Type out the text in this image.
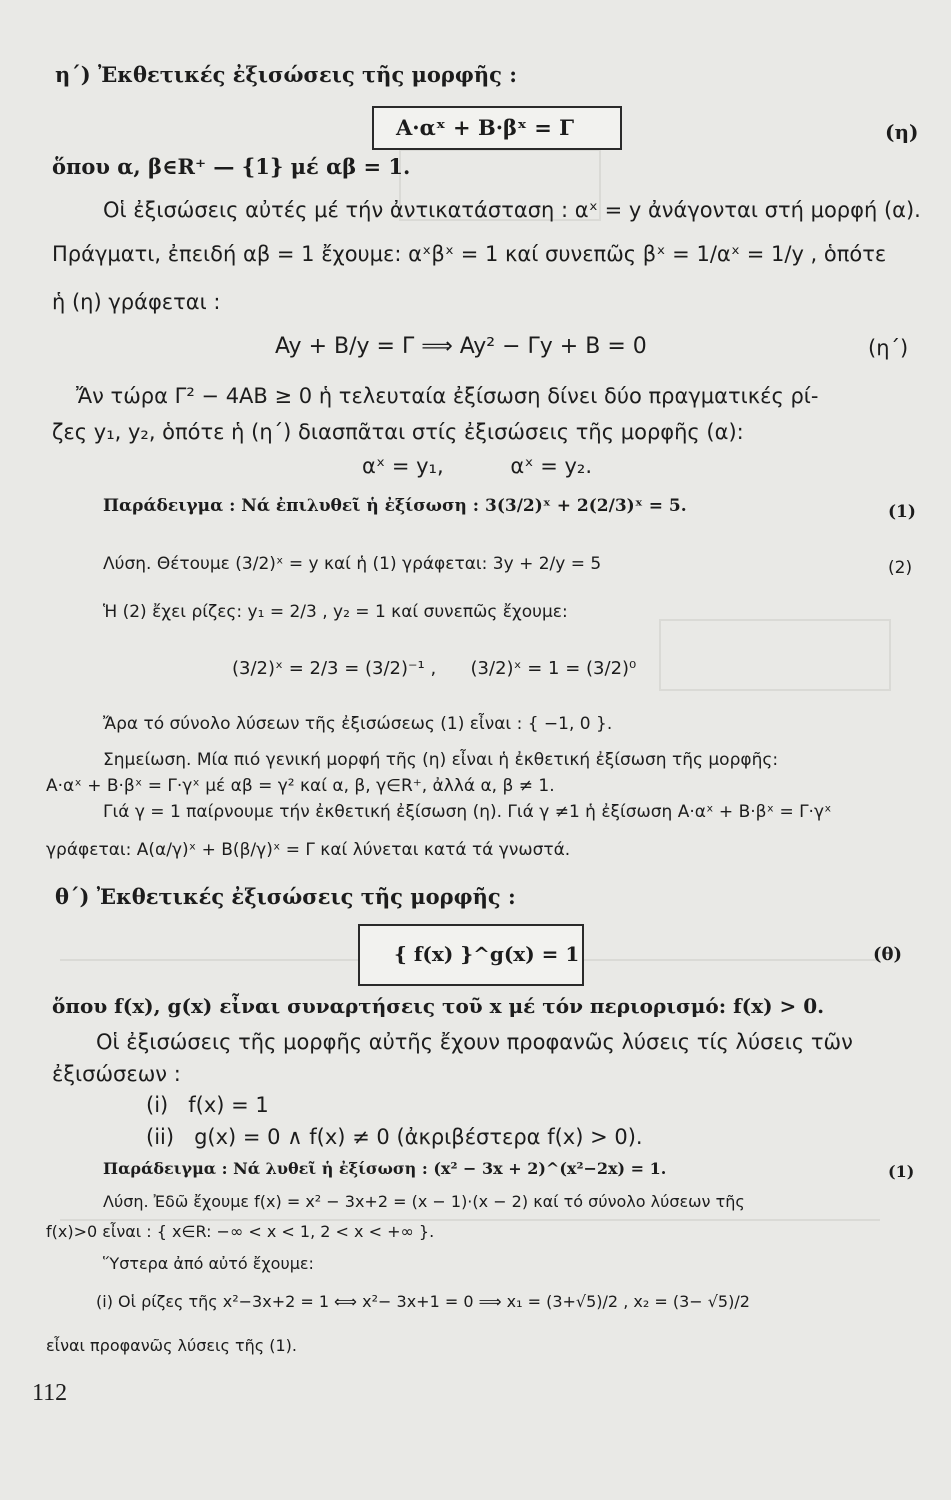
η΄) Ἐκθετικές ἐξισώσεις τῆς μορφῆς :
A·αˣ + B·βˣ = Γ	(η)
ὅπου α, β∈R⁺ — {1} μέ αβ = 1.
Οἱ ἐξισώσεις αὐτές μέ τήν ἀντικατάσταση : αˣ = y ἀνάγονται στή μορφή (α).
Πράγματι, ἐπειδή αβ = 1 ἔχουμε: αˣβˣ = 1 καί συνεπῶς βˣ = 1/αˣ = 1/y , ὁπότε
ἡ (η) γράφεται :
Ay + B/y = Γ ⟹ Ay² − Γy + B = 0	(η΄)
Ἄν τώρα Γ² − 4AB ≥ 0 ἡ τελευταία ἐξίσωση δίνει δύο πραγματικές ρί-
ζες y₁, y₂, ὁπότε ἡ (η΄) διασπᾶται στίς ἐξισώσεις τῆς μορφῆς (α):
αˣ = y₁,          αˣ = y₂.
Παράδειγμα : Νά ἐπιλυθεῖ ἡ ἐξίσωση : 3(3/2)ˣ + 2(2/3)ˣ = 5.	(1)
Λύση. Θέτουμε (3/2)ˣ = y καί ἡ (1) γράφεται: 3y + 2/y = 5	(2)
Ἡ (2) ἔχει ρίζες: y₁ = 2/3 , y₂ = 1 καί συνεπῶς ἔχουμε:
(3/2)ˣ = 2/3 = (3/2)⁻¹ ,      (3/2)ˣ = 1 = (3/2)⁰
Ἄρα τό σύνολο λύσεων τῆς ἐξισώσεως (1) εἶναι : { −1, 0 }.
Σημείωση. Μία πιό γενική μορφή τῆς (η) εἶναι ἡ ἐκθετική ἐξίσωση τῆς μορφῆς:
A·αˣ + B·βˣ = Γ·γˣ μέ αβ = γ² καί α, β, γ∈R⁺, ἀλλά α, β ≠ 1.
Γιά γ = 1 παίρνουμε τήν ἐκθετική ἐξίσωση (η). Γιά γ ≠1 ἡ ἐξίσωση A·αˣ + B·βˣ = Γ·γˣ
γράφεται: A(α/γ)ˣ + B(β/γ)ˣ = Γ καί λύνεται κατά τά γνωστά.
θ΄) Ἐκθετικές ἐξισώσεις τῆς μορφῆς :
{ f(x) }^g(x) = 1	(θ)
ὅπου f(x), g(x) εἶναι συναρτήσεις τοῦ x μέ τόν περιορισμό: f(x) > 0.
Οἱ ἐξισώσεις τῆς μορφῆς αὐτῆς ἔχουν προφανῶς λύσεις τίς λύσεις τῶν
ἐξισώσεων :
(i)   f(x) = 1
(ii)   g(x) = 0 ∧ f(x) ≠ 0 (ἀκριβέστερα f(x) > 0).
Παράδειγμα : Νά λυθεῖ ἡ ἐξίσωση : (x² − 3x + 2)^(x²−2x) = 1.	(1)
Λύση. Ἐδῶ ἔχουμε f(x) = x² − 3x+2 = (x − 1)·(x − 2) καί τό σύνολο λύσεων τῆς
f(x)>0 εἶναι : { x∈R: −∞ < x < 1, 2 < x < +∞ }.
Ὕστερα ἀπό αὐτό ἔχουμε:
(i) Οἱ ρίζες τῆς x²−3x+2 = 1 ⟺ x²− 3x+1 = 0 ⟹ x₁ = (3+√5)/2 , x₂ = (3− √5)/2
εἶναι προφανῶς λύσεις τῆς (1).
112
